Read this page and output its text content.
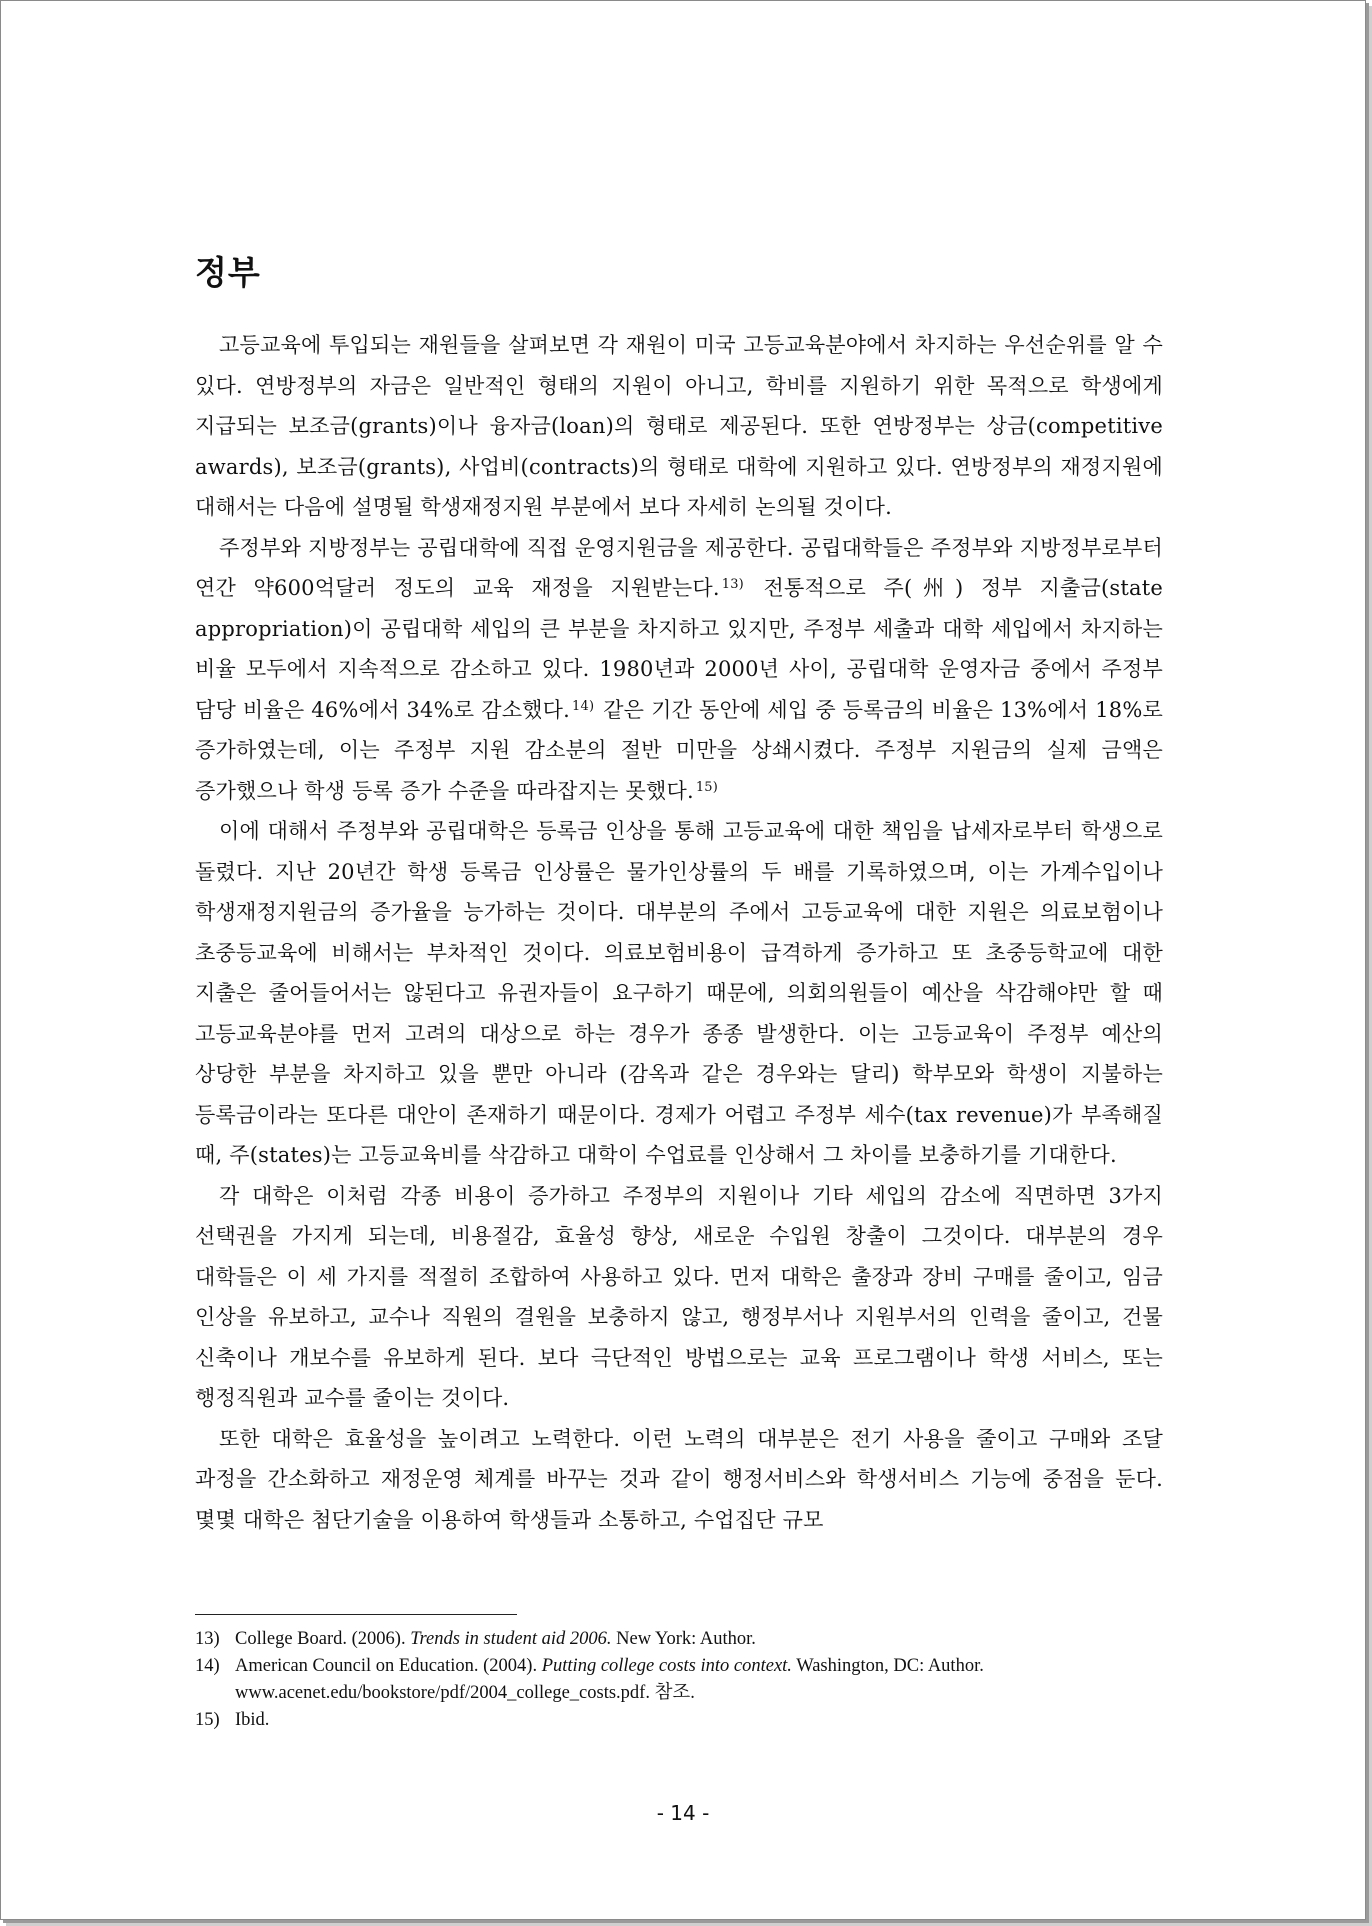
정부

고등교육에 투입되는 재원들을 살펴보면 각 재원이 미국 고등교육분야에서 차지하는 우선순위를 알 수 있다. 연방정부의 자금은 일반적인 형태의 지원이 아니고, 학비를 지원하기 위한 목적으로 학생에게 지급되는 보조금(grants)이나 융자금(loan)의 형태로 제공된다. 또한 연방정부는 상금(competitive awards), 보조금(grants), 사업비(contracts)의 형태로 대학에 지원하고 있다. 연방정부의 재정지원에 대해서는 다음에 설명될 학생재정지원 부분에서 보다 자세히 논의될 것이다.

주정부와 지방정부는 공립대학에 직접 운영지원금을 제공한다. 공립대학들은 주정부와 지방정부로부터 연간 약600억달러 정도의 교육 재정을 지원받는다. $^{13)}$ 전통적으로 주(州) 정부 지출금(state appropriation)이 공립대학 세입의 큰 부분을 차지하고 있지만, 주정부 세출과 대학 세입에서 차지하는 비율 모두에서 지속적으로 감소하고 있다. 1980년과 2000년 사이, 공립대학 운영자금 중에서 주정부 담당 비율은 46%에서 34%로 감소했다. $^{14)}$ 같은 기간 동안에 세입 중 등록금의 비율은 13%에서 18%로 증가하였는데, 이는 주정부 지원 감소분의 절반 미만을 상쇄시켰다. 주정부 지원금의 실제 금액은 증가했으나 학생 등록 증가 수준을 따라잡지는 못했다. $^{15)}$

이에 대해서 주정부와 공립대학은 등록금 인상을 통해 고등교육에 대한 책임을 납세자로부터 학생으로 돌렸다. 지난 20년간 학생 등록금 인상률은 물가인상률의 두 배를 기록하였으며, 이는 가계수입이나 학생재정지원금의 증가율을 능가하는 것이다. 대부분의 주에서 고등교육에 대한 지원은 의료보험이나 초중등교육에 비해서는 부차적인 것이다. 의료보험비용이 급격하게 증가하고 또 초중등학교에 대한 지출은 줄어들어서는 않된다고 유권자들이 요구하기 때문에, 의회의원들이 예산을 삭감해야만 할 때 고등교육분야를 먼저 고려의 대상으로 하는 경우가 종종 발생한다. 이는 고등교육이 주정부 예산의 상당한 부분을 차지하고 있을 뿐만 아니라 (감옥과 같은 경우와는 달리) 학부모와 학생이 지불하는 등록금이라는 또다른 대안이 존재하기 때문이다. 경제가 어렵고 주정부 세수(tax revenue)가 부족해질 때, 주(states)는 고등교육비를 삭감하고 대학이 수업료를 인상해서 그 차이를 보충하기를 기대한다.

각 대학은 이처럼 각종 비용이 증가하고 주정부의 지원이나 기타 세입의 감소에 직면하면 3가지 선택권을 가지게 되는데, 비용절감, 효율성 향상, 새로운 수입원 창출이 그것이다. 대부분의 경우 대학들은 이 세 가지를 적절히 조합하여 사용하고 있다. 먼저 대학은 출장과 장비 구매를 줄이고, 임금 인상을 유보하고, 교수나 직원의 결원을 보충하지 않고, 행정부서나 지원부서의 인력을 줄이고, 건물 신축이나 개보수를 유보하게 된다. 보다 극단적인 방법으로는 교육 프로그램이나 학생 서비스, 또는 행정직원과 교수를 줄이는 것이다.

또한 대학은 효율성을 높이려고 노력한다. 이런 노력의 대부분은 전기 사용을 줄이고 구매와 조달 과정을 간소화하고 재정운영 체계를 바꾸는 것과 같이 행정서비스와 학생서비스 기능에 중점을 둔다. 몇몇 대학은 첨단기술을 이용하여 학생들과 소통하고, 수업집단 규모

13) College Board. (2006). Trends in student aid 2006. New York: Author.
14) American Council on Education. (2004). Putting college costs into context. Washington, DC: Author. www.acenet.edu/bookstore/pdf/2004_college_costs.pdf. 참조.
15) Ibid.
- 14 -
